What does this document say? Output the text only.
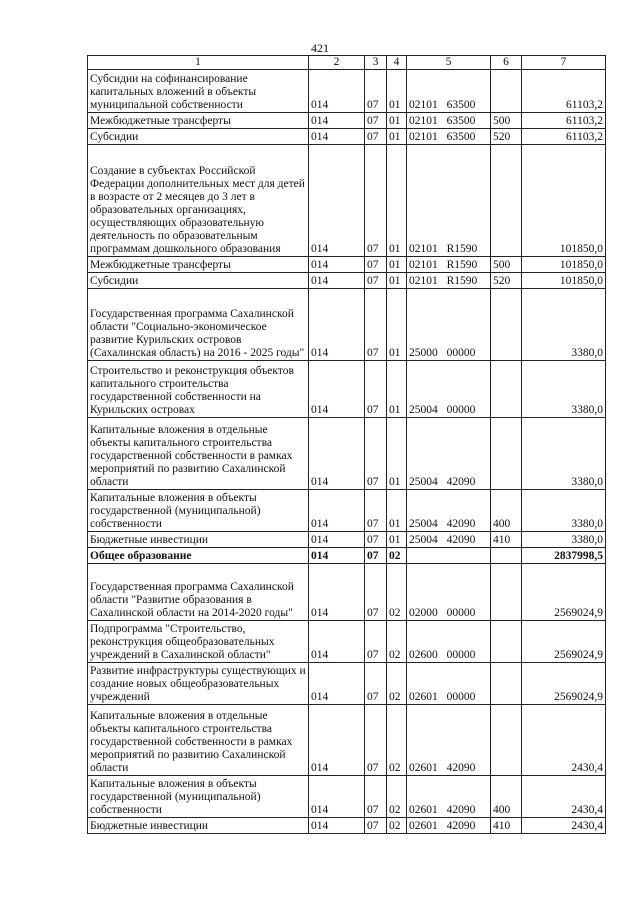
421
1	2	3	4	5	6	7
Субсидии на софинансирование капитальных вложений в объекты муниципальной собственности	014	07	01	02101 63500		61103,2
Межбюджетные трансферты	014	07	01	02101 63500	500	61103,2
Субсидии	014	07	01	02101 63500	520	61103,2
Создание в субъектах Российской Федерации дополнительных мест для детей в возрасте от 2 месяцев до 3 лет в образовательных организациях, осуществляющих образовательную деятельность по образовательным программам дошкольного образования	014	07	01	02101 R1590		101850,0
Межбюджетные трансферты	014	07	01	02101 R1590	500	101850,0
Субсидии	014	07	01	02101 R1590	520	101850,0
Государственная программа Сахалинской области "Социально-экономическое развитие Курильских островов (Сахалинская область) на 2016 - 2025 годы"	014	07	01	25000 00000		3380,0
Строительство и реконструкция объектов капитального строительства государственной собственности на Курильских островах	014	07	01	25004 00000		3380,0
Капитальные вложения в отдельные объекты капитального строительства государственной собственности в рамках мероприятий по развитию Сахалинской области	014	07	01	25004 42090		3380,0
Капитальные вложения в объекты государственной (муниципальной) собственности	014	07	01	25004 42090	400	3380,0
Бюджетные инвестиции	014	07	01	25004 42090	410	3380,0
Общее образование	014	07	02			2837998,5
Государственная программа Сахалинской области "Развитие образования в Сахалинской области на 2014-2020 годы"	014	07	02	02000 00000		2569024,9
Подпрограмма "Строительство, реконструкция общеобразовательных учреждений в Сахалинской области"	014	07	02	02600 00000		2569024,9
Развитие инфраструктуры существующих и создание новых общеобразовательных учреждений	014	07	02	02601 00000		2569024,9
Капитальные вложения в отдельные объекты капитального строительства государственной собственности в рамках мероприятий по развитию Сахалинской области	014	07	02	02601 42090		2430,4
Капитальные вложения в объекты государственной (муниципальной) собственности	014	07	02	02601 42090	400	2430,4
Бюджетные инвестиции	014	07	02	02601 42090	410	2430,4
